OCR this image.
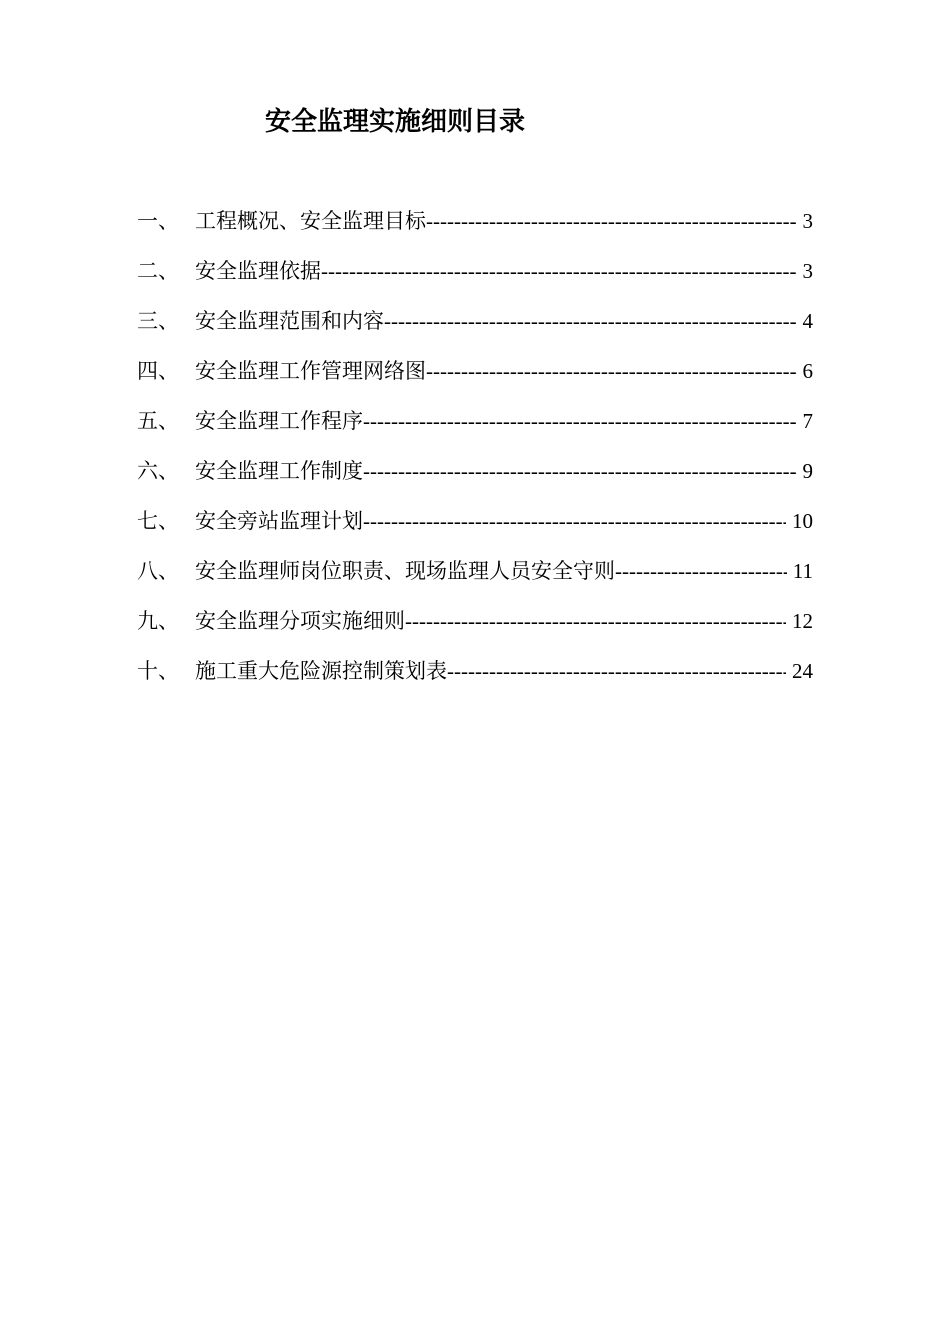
安全监理实施细则目录
一、 工程概况、安全监理目标 -----	3
二、 安全监理依据 -----	3
三、 安全监理范围和内容 -----	4
四、 安全监理工作管理网络图 -----	6
五、 安全监理工作程序 -----	7
六、 安全监理工作制度 -----	9
七、 安全旁站监理计划 -----	10
八、 安全监理师岗位职责、现场监理人员安全守则 -----	11
九、 安全监理分项实施细则 -----	12
十、 施工重大危险源控制策划表 -----	24
